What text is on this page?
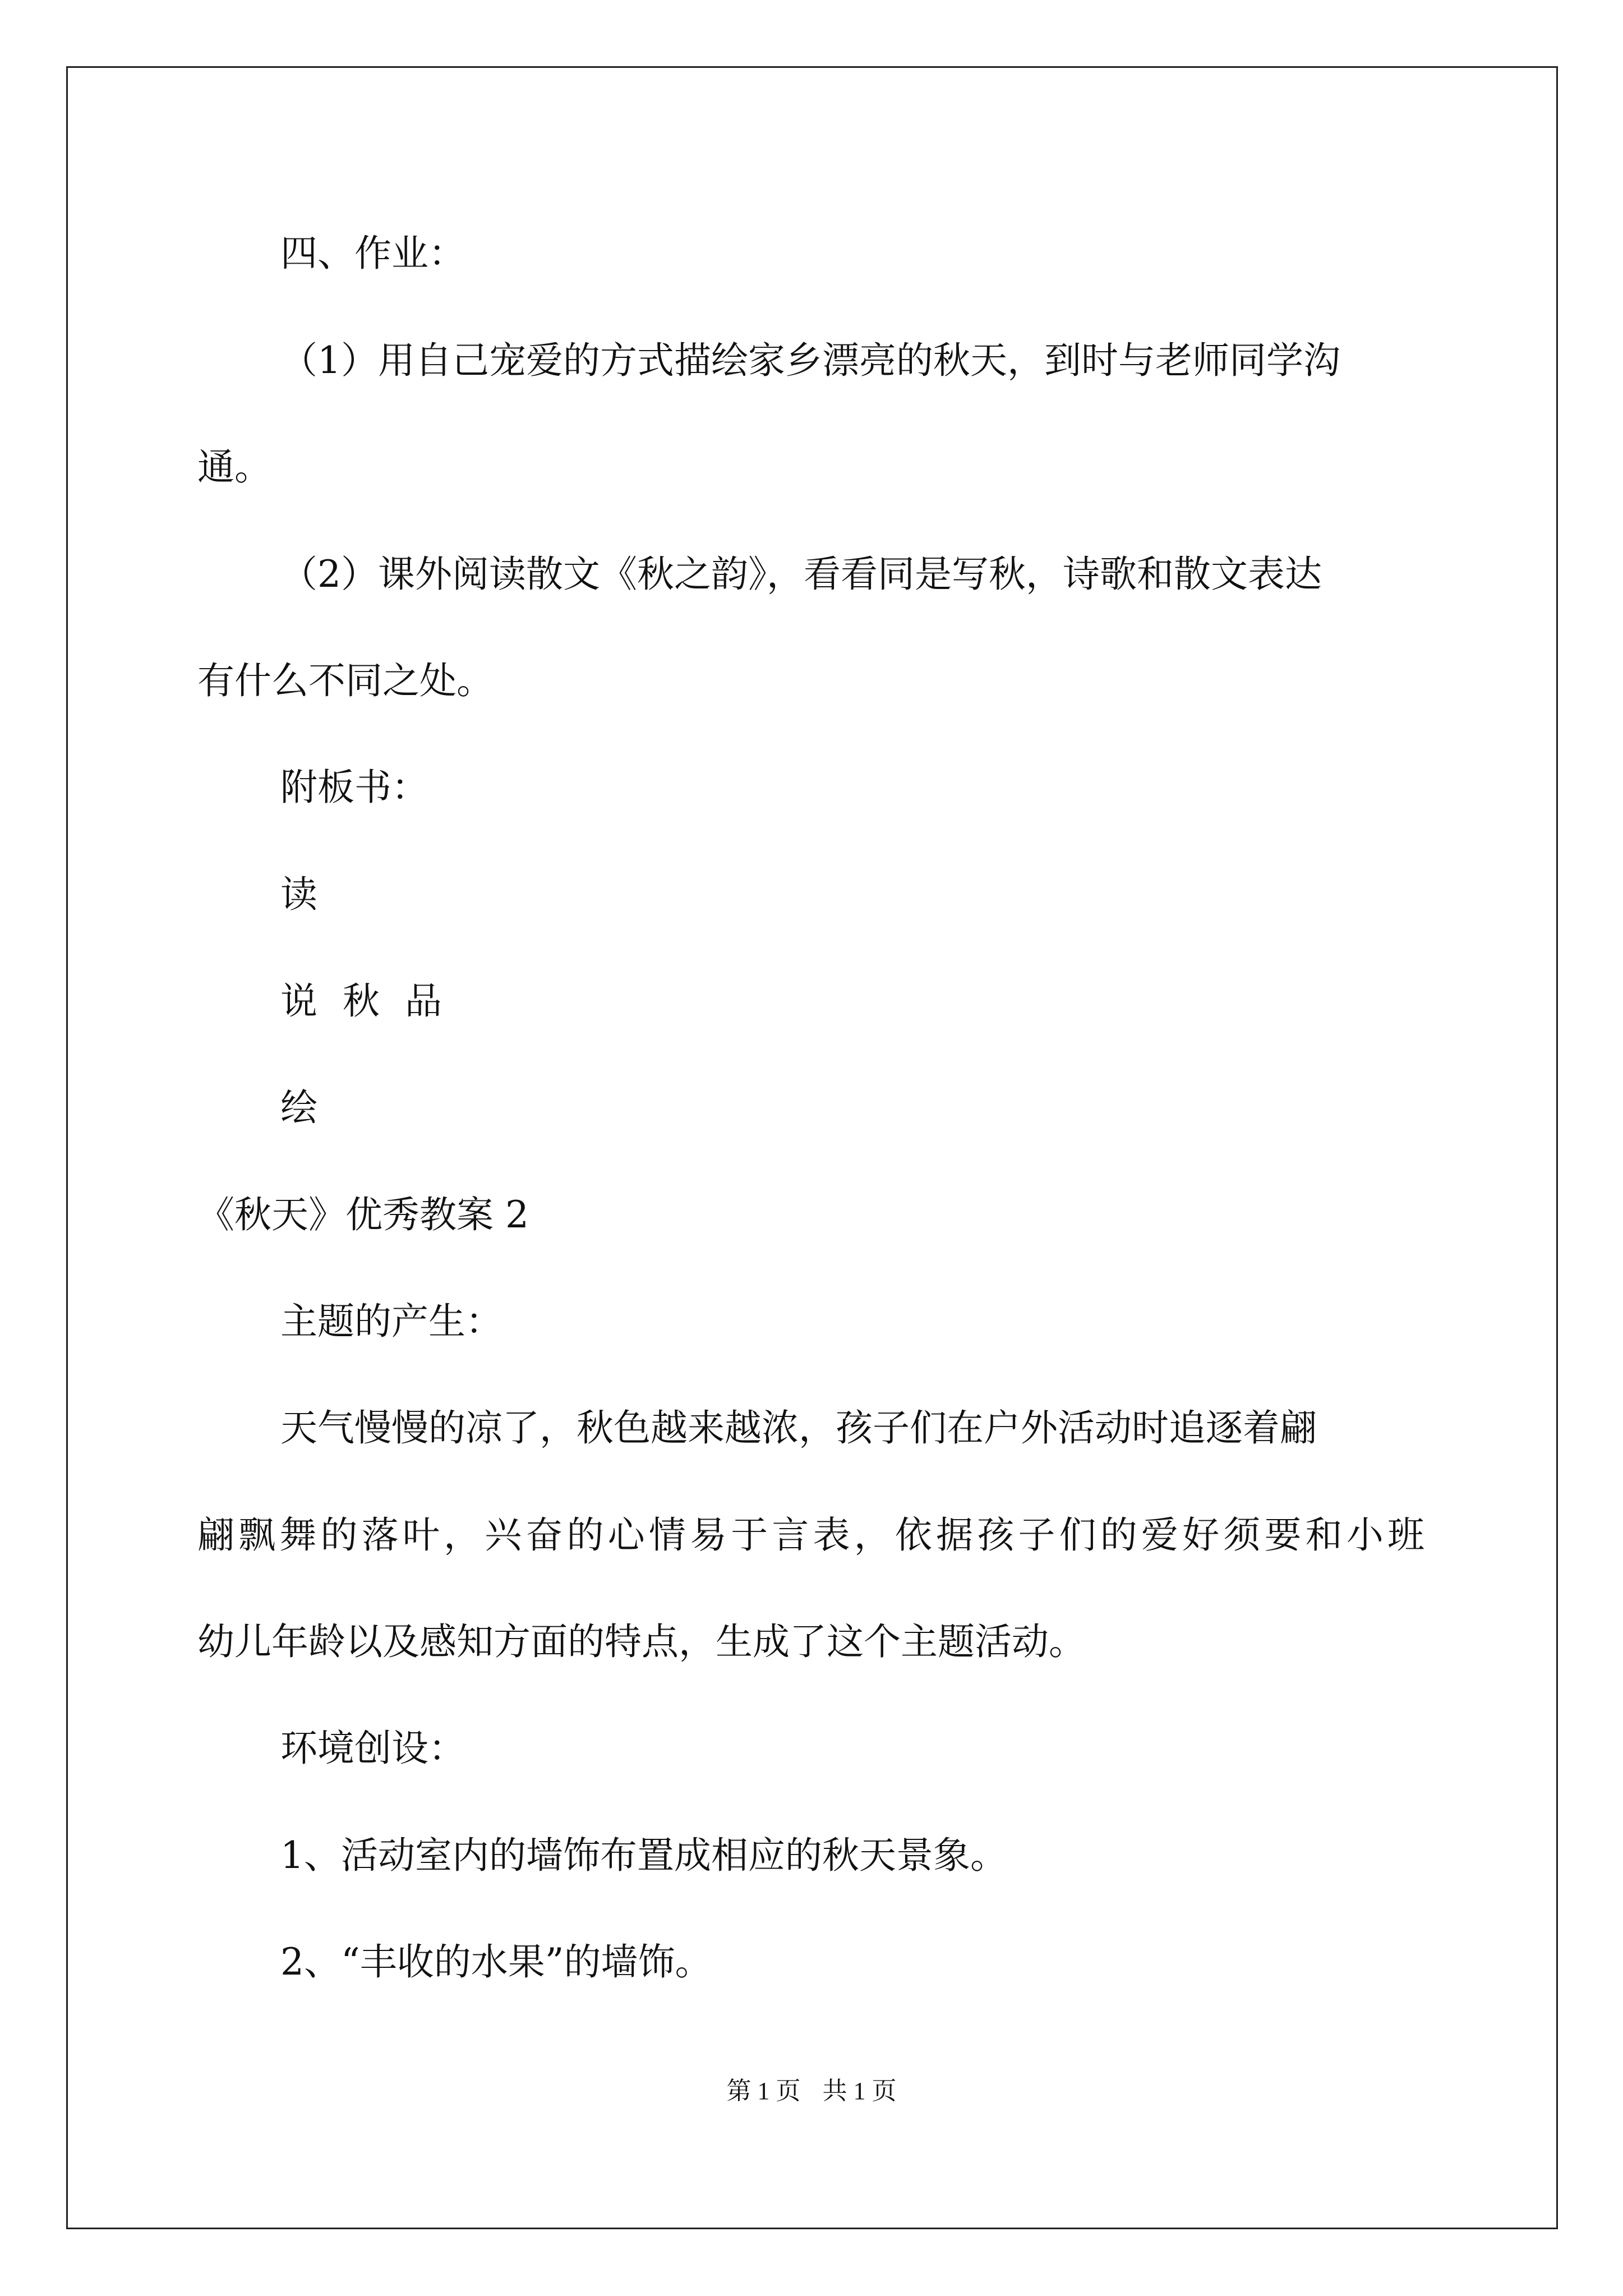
四、作业：
（1）用自己宠爱的方式描绘家乡漂亮的秋天，到时与老师同学沟
通。
（2）课外阅读散文《秋之韵》，看看同是写秋，诗歌和散文表达
有什么不同之处。
附板书：
读
说 秋 品
绘
《秋天》优秀教案 2
主题的产生：
天气慢慢的凉了，秋色越来越浓，孩子们在户外活动时追逐着翩
翩飘舞的落叶，兴奋的心情易于言表，依据孩子们的爱好须要和小班
幼儿年龄以及感知方面的特点，生成了这个主题活动。
环境创设：
1、活动室内的墙饰布置成相应的秋天景象。
2、“丰收的水果”的墙饰。
第 1 页 共 1 页
